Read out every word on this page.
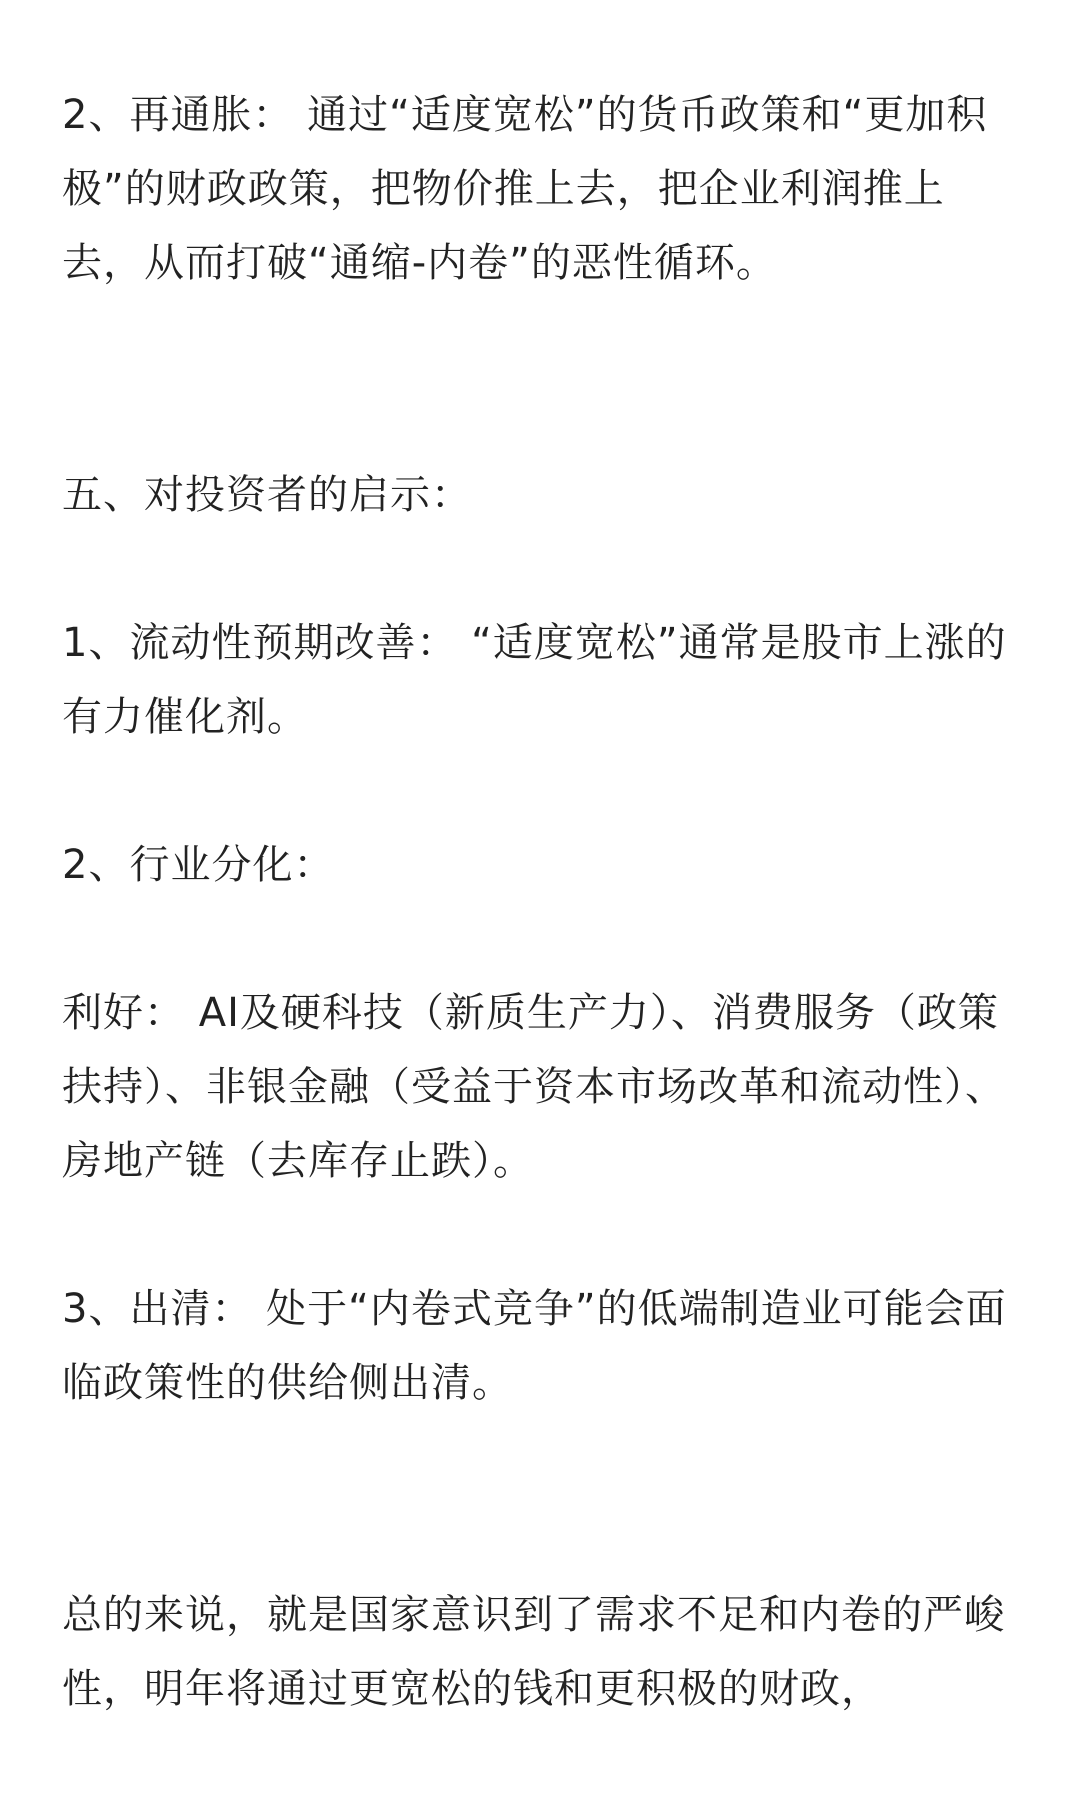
2、再通胀： 通过“适度宽松”的货币政策和“更加积极”的财政政策，把物价推上去，把企业利润推上去，从而打破“通缩-内卷”的恶性循环。

五、对投资者的启示：

1、流动性预期改善： “适度宽松”通常是股市上涨的有力催化剂。

2、行业分化：

利好： AI及硬科技（新质生产力）、消费服务（政策扶持）、非银金融（受益于资本市场改革和流动性）、房地产链（去库存止跌）。

3、出清： 处于“内卷式竞争”的低端制造业可能会面临政策性的供给侧出清。

总的来说，就是国家意识到了需求不足和内卷的严峻性，明年将通过更宽松的钱和更积极的财政，
